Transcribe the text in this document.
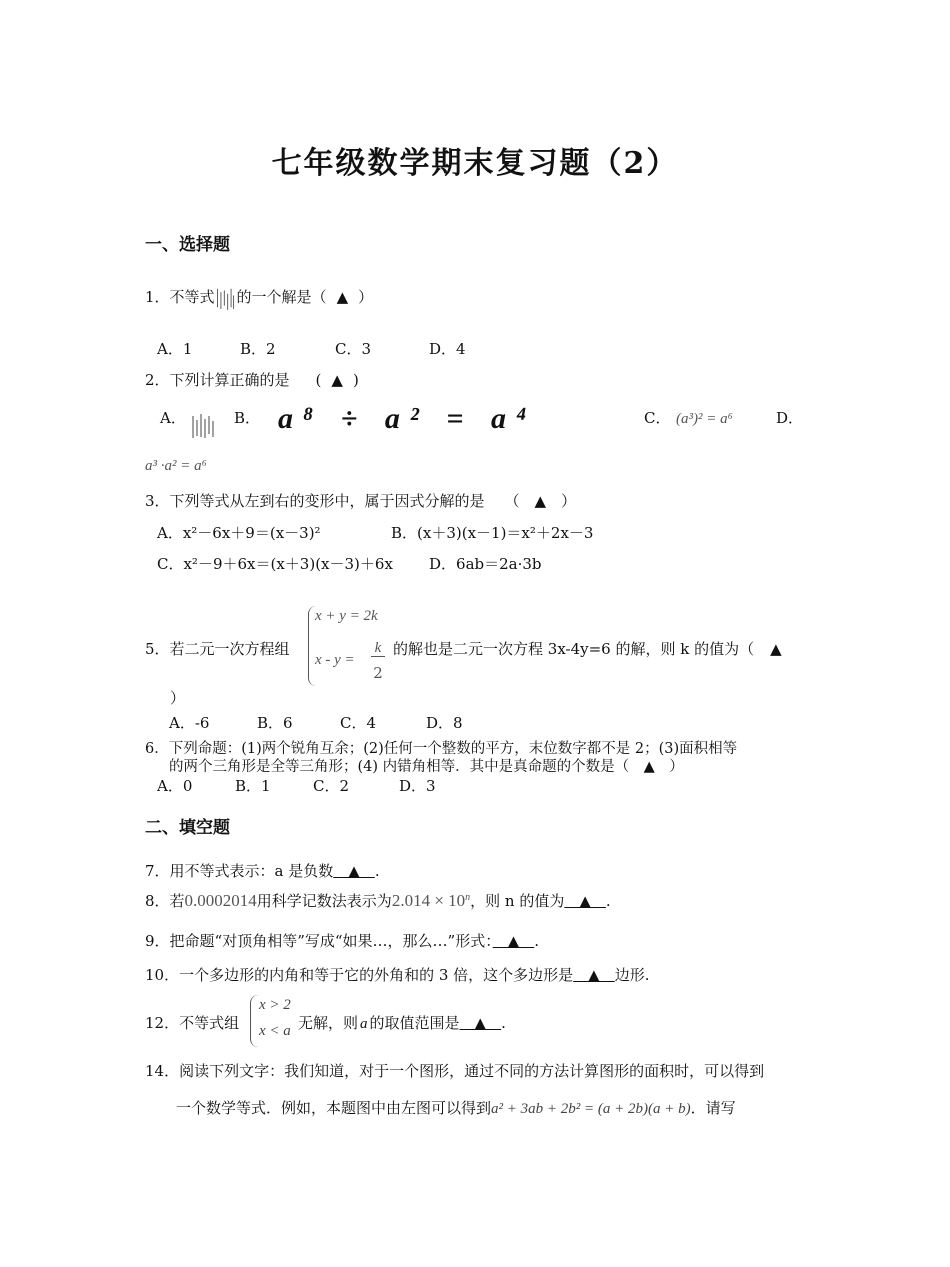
七年级数学期末复习题（2）
一、选择题
1．不等式 的一个解是（ ▲ ）
A．1	B．2	C．3	D．4
2．下列计算正确的是 ( ▲ )
A．	B． a⁸ ÷ a² = a⁴	C． (a³)² = a⁶	D．
a³ ·a² = a⁶
3．下列等式从左到右的变形中，属于因式分解的是 （　▲　）
A．x²－6x＋9＝(x－3)²	B．(x＋3)(x－1)＝x²＋2x－3
C．x²－9＋6x＝(x＋3)(x－3)＋6x D．6ab＝2a·3b
5．若二元一次方程组
x + y = 2k
x - y =
k
2
的解也是二元一次方程 3x-4y=6 的解，则 k 的值为（ ▲
）
A．-6	B．6	C．4	D．8
6．下列命题：(1)两个锐角互余；(2)任何一个整数的平方，末位数字都不是 2；(3)面积相等
的两个三角形是全等三角形；(4) 内错角相等．其中是真命题的个数是（　▲　）
A．0	B．1	C．2	D．3
二、填空题
7．用不等式表示：a 是负数　▲　.
8．若0.0002014用科学记数法表示为$2.014 \times 10^n$，则 n 的值为　▲　.
9．把命题“对顶角相等”写成“如果…，那么…”形式：　▲　.
10．一个多边形的内角和等于它的外角和的 3 倍，这个多边形是　▲　边形.
12．不等式组
x > 2
x < a 无解，则 a 的取值范围是　▲　.
14．阅读下列文字：我们知道，对于一个图形，通过不同的方法计算图形的面积时，可以得到
一个数学等式．例如，本题图中由左图可以得到a² + 3ab + 2b² = (a + 2b)(a + b)．请写
